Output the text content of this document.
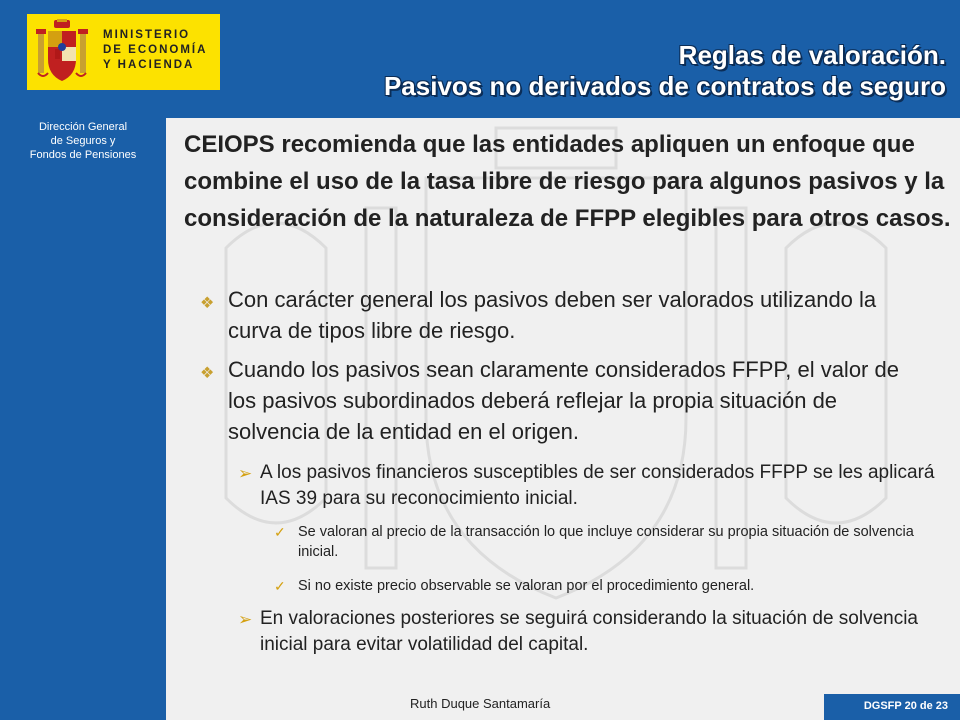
MINISTERIO
DE ECONOMÍA
Y HACIENDA	Reglas de valoración.
Pasivos no derivados de contratos de seguro
Dirección General
de Seguros y
Fondos de Pensiones	CEIOPS recomienda que las entidades apliquen un enfoque que combine el uso de la tasa libre de riesgo para algunos pasivos y la consideración de la naturaleza de FFPP elegibles para otros casos.
❖ Con carácter general los pasivos deben ser valorados utilizando la curva de tipos libre de riesgo.
❖ Cuando los pasivos sean claramente considerados FFPP, el valor de los pasivos subordinados deberá reflejar la propia situación de solvencia de la entidad en el origen.
➢ A los pasivos financieros susceptibles de ser considerados FFPP se les aplicará IAS 39 para su reconocimiento inicial.
✓ Se valoran al precio de la transacción lo que incluye considerar su propia situación de solvencia inicial.
✓ Si no existe precio observable se valoran por el procedimiento general.
➢ En valoraciones posteriores se seguirá considerando la situación de solvencia inicial para evitar volatilidad del capital.
Ruth Duque Santamaría	DGSFP 20 de 23
